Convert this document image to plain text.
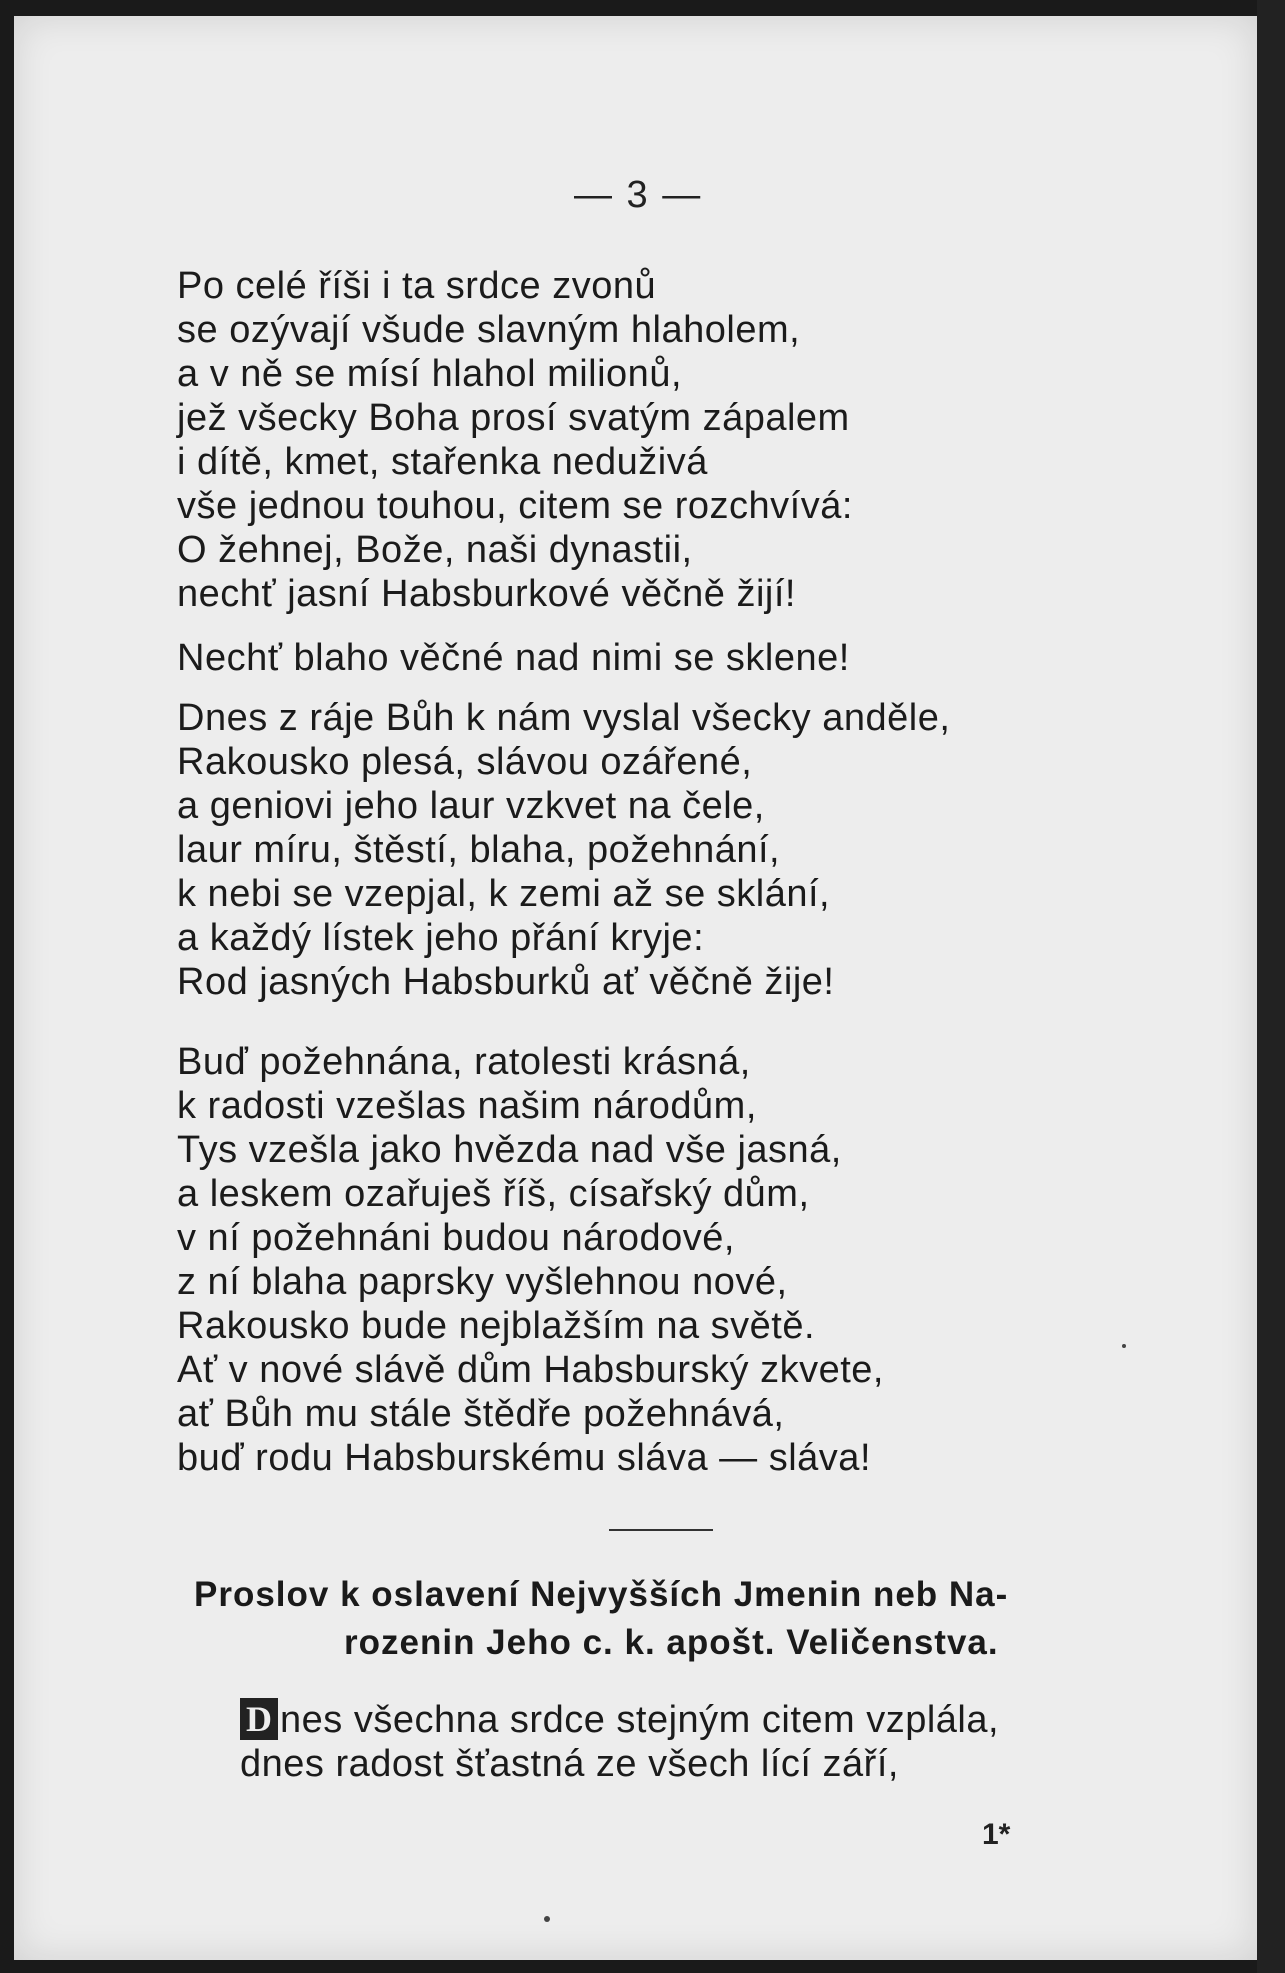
— 3 —
Po celé říši i ta srdce zvonů
se ozývají všude slavným hlaholem,
a v ně se mísí hlahol milionů,
jež všecky Boha prosí svatým zápalem
i dítě, kmet, stařenka neduživá
vše jednou touhou, citem se rozchvívá:
O žehnej, Bože, naši dynastii,
nechť jasní Habsburkové věčně žijí!
Nechť blaho věčné nad nimi se sklene!
Dnes z ráje Bůh k nám vyslal všecky anděle,
Rakousko plesá, slávou ozářené,
a geniovi jeho laur vzkvet na čele,
laur míru, štěstí, blaha, požehnání,
k nebi se vzepjal, k zemi až se sklání,
a každý lístek jeho přání kryje:
Rod jasných Habsburků ať věčně žije!
Buď požehnána, ratolesti krásná,
k radosti vzešlas našim národům,
Tys vzešla jako hvězda nad vše jasná,
a leskem ozařuješ říš, císařský dům,
v ní požehnáni budou národové,
z ní blaha paprsky vyšlehnou nové,
Rakousko bude nejblažším na světě.
Ať v nové slávě dům Habsburský zkvete,
ať Bůh mu stále štědře požehnává,
buď rodu Habsburskému sláva — sláva!
Proslov k oslavení Nejvyšších Jmenin neb Na-
rozenin Jeho c. k. apošt. Veličenstva.
D nes všechna srdce stejným citem vzplála,
dnes radost šťastná ze všech lící září,
1*
